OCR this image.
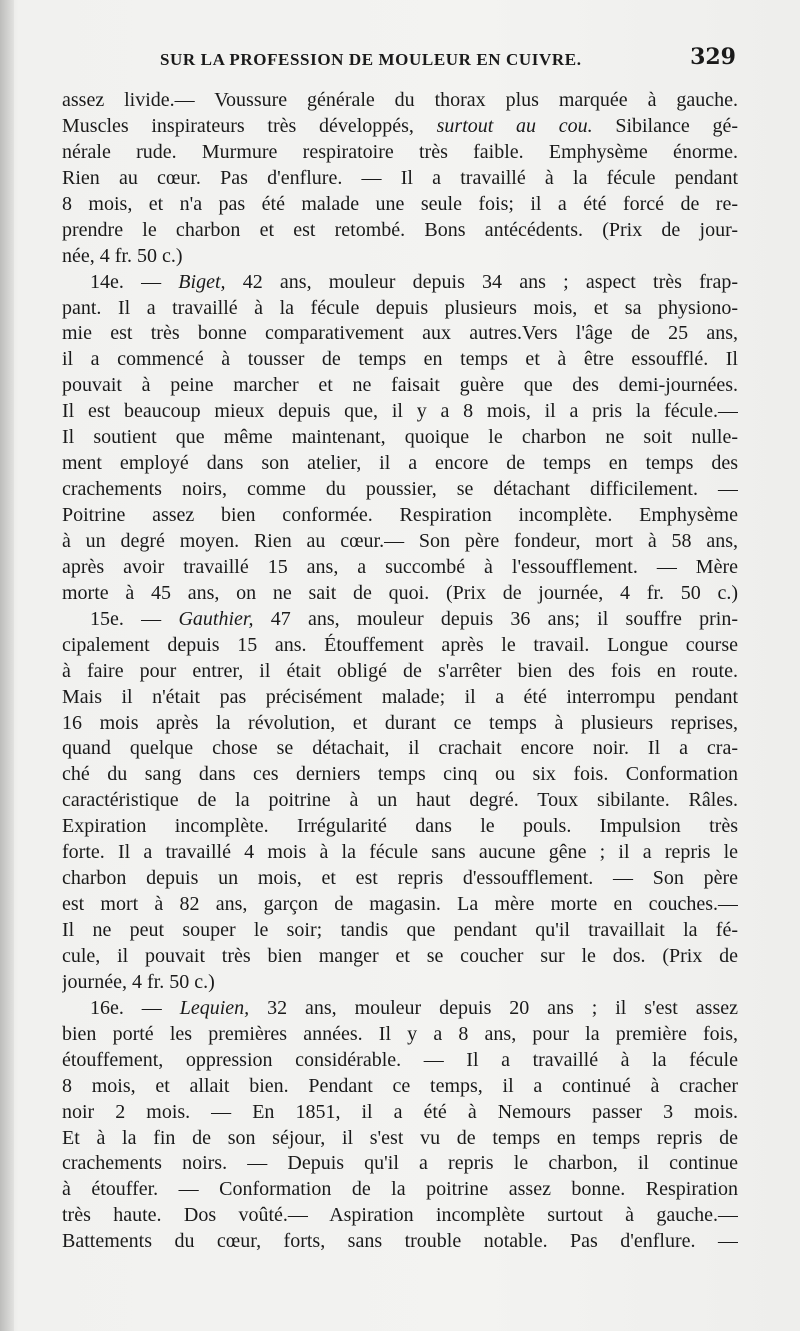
SUR LA PROFESSION DE MOULEUR EN CUIVRE.	329
assez livide.— Voussure générale du thorax plus marquée à gauche.
Muscles inspirateurs très développés, surtout au cou. Sibilance gé-
nérale rude. Murmure respiratoire très faible. Emphysème énorme.
Rien au cœur. Pas d'enflure. — Il a travaillé à la fécule pendant
8 mois, et n'a pas été malade une seule fois; il a été forcé de re-
prendre le charbon et est retombé. Bons antécédents. (Prix de jour-
née, 4 fr. 50 c.)
14e. — Biget, 42 ans, mouleur depuis 34 ans ; aspect très frap-
pant. Il a travaillé à la fécule depuis plusieurs mois, et sa physiono-
mie est très bonne comparativement aux autres.Vers l'âge de 25 ans,
il a commencé à tousser de temps en temps et à être essoufflé. Il
pouvait à peine marcher et ne faisait guère que des demi-journées.
Il est beaucoup mieux depuis que, il y a 8 mois, il a pris la fécule.—
Il soutient que même maintenant, quoique le charbon ne soit nulle-
ment employé dans son atelier, il a encore de temps en temps des
crachements noirs, comme du poussier, se détachant difficilement. —
Poitrine assez bien conformée. Respiration incomplète. Emphysème
à un degré moyen. Rien au cœur.— Son père fondeur, mort à 58 ans,
après avoir travaillé 15 ans, a succombé à l'essoufflement. — Mère
morte à 45 ans, on ne sait de quoi. (Prix de journée, 4 fr. 50 c.)
15e. — Gauthier, 47 ans, mouleur depuis 36 ans; il souffre prin-
cipalement depuis 15 ans. Étouffement après le travail. Longue course
à faire pour entrer, il était obligé de s'arrêter bien des fois en route.
Mais il n'était pas précisément malade; il a été interrompu pendant
16 mois après la révolution, et durant ce temps à plusieurs reprises,
quand quelque chose se détachait, il crachait encore noir. Il a cra-
ché du sang dans ces derniers temps cinq ou six fois. Conformation
caractéristique de la poitrine à un haut degré. Toux sibilante. Râles.
Expiration incomplète. Irrégularité dans le pouls. Impulsion très
forte. Il a travaillé 4 mois à la fécule sans aucune gêne ; il a repris le
charbon depuis un mois, et est repris d'essoufflement. — Son père
est mort à 82 ans, garçon de magasin. La mère morte en couches.—
Il ne peut souper le soir; tandis que pendant qu'il travaillait la fé-
cule, il pouvait très bien manger et se coucher sur le dos. (Prix de
journée, 4 fr. 50 c.)
16e. — Lequien, 32 ans, mouleur depuis 20 ans ; il s'est assez
bien porté les premières années. Il y a 8 ans, pour la première fois,
étouffement, oppression considérable. — Il a travaillé à la fécule
8 mois, et allait bien. Pendant ce temps, il a continué à cracher
noir 2 mois. — En 1851, il a été à Nemours passer 3 mois.
Et à la fin de son séjour, il s'est vu de temps en temps repris de
crachements noirs. — Depuis qu'il a repris le charbon, il continue
à étouffer. — Conformation de la poitrine assez bonne. Respiration
très haute. Dos voûté.— Aspiration incomplète surtout à gauche.—
Battements du cœur, forts, sans trouble notable. Pas d'enflure. —
